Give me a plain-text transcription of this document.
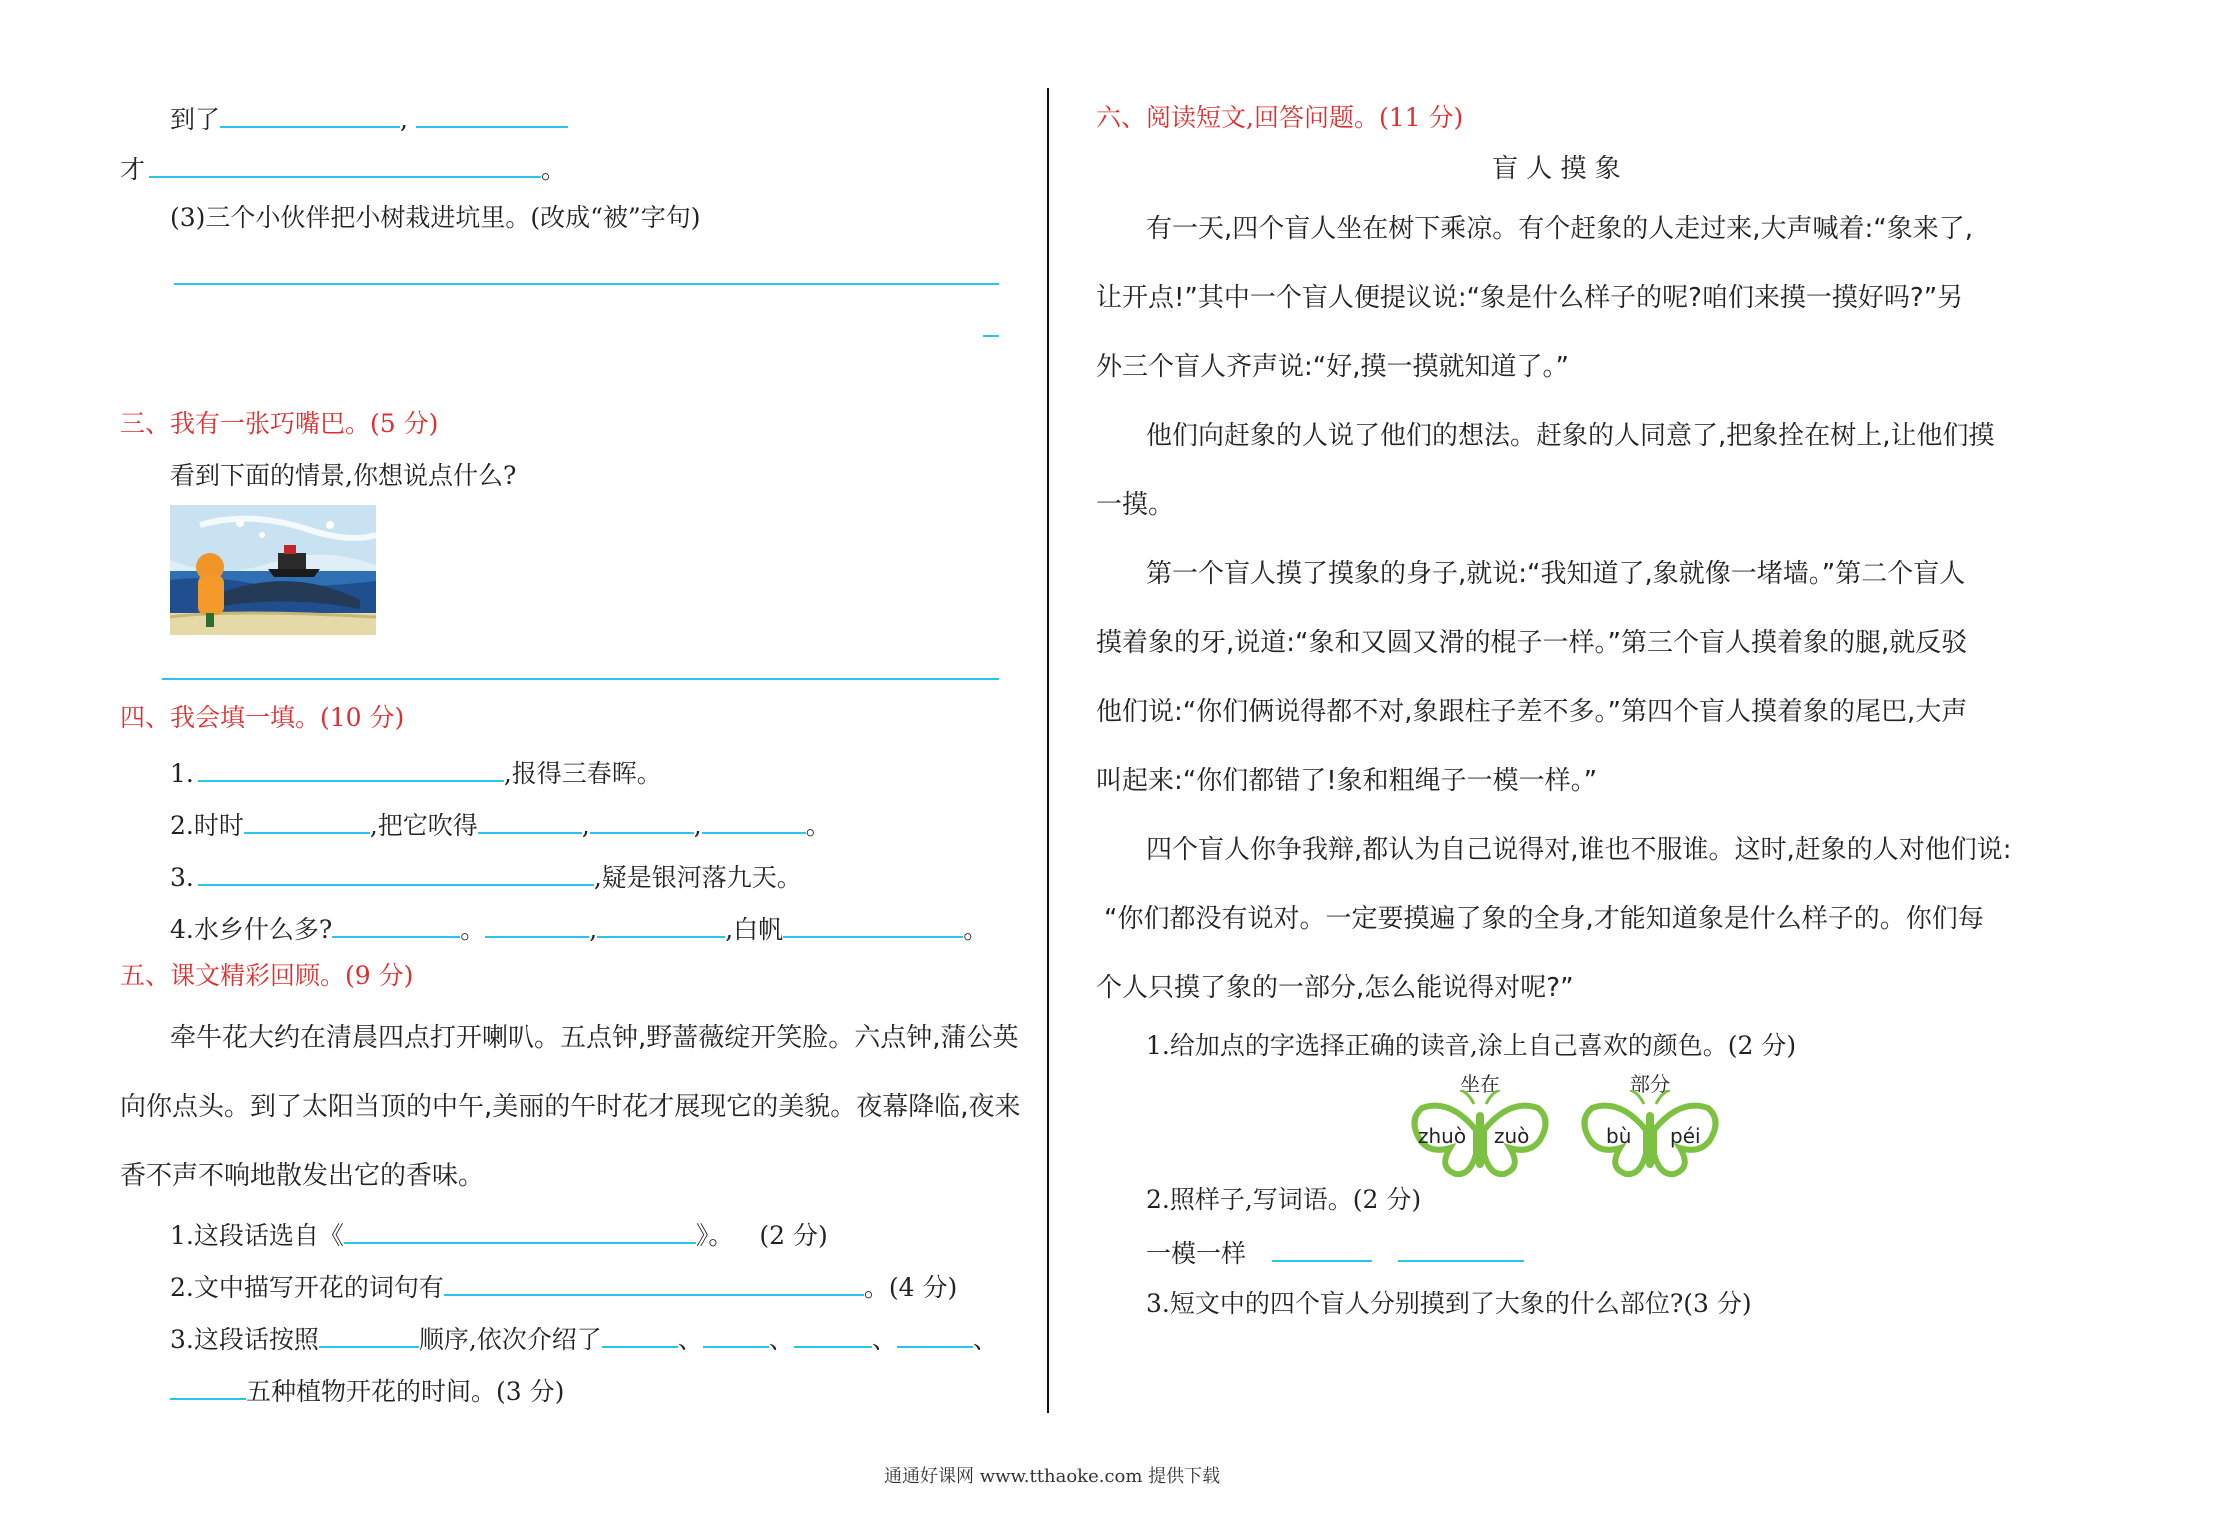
到了	,
才	。
(3)三个小伙伴把小树栽进坑里。(改成“被”字句)
三、我有一张巧嘴巴。(5 分)
看到下面的情景,你想说点什么?
四、我会填一填。(10 分)
1.	,报得三春晖。
2.时时	,把它吹得	,	,	。
3.	,疑是银河落九天。
4.水乡什么多?	。	,	,白帆	。
五、课文精彩回顾。(9 分)
牵牛花大约在清晨四点打开喇叭。五点钟,野蔷薇绽开笑脸。六点钟,蒲公英
向你点头。到了太阳当顶的中午,美丽的午时花才展现它的美貌。夜幕降临,夜来
香不声不响地散发出它的香味。
1.这段话选自《	》。 (2 分)
2.文中描写开花的词句有	。(4 分)
3.这段话按照	顺序,依次介绍了	、	、	、	、
五种植物开花的时间。(3 分)
六、阅读短文,回答问题。(11 分)
盲 人 摸 象
有一天,四个盲人坐在树下乘凉。有个赶象的人走过来,大声喊着:“象来了,
让开点!”其中一个盲人便提议说:“象是什么样子的呢?咱们来摸一摸好吗?”另
外三个盲人齐声说:“好,摸一摸就知道了。”
他们向赶象的人说了他们的想法。赶象的人同意了,把象拴在树上,让他们摸
一摸。
第一个盲人摸了摸象的身子,就说:“我知道了,象就像一堵墙。”第二个盲人
摸着象的牙,说道:“象和又圆又滑的棍子一样。”第三个盲人摸着象的腿,就反驳
他们说:“你们俩说得都不对,象跟柱子差不多。”第四个盲人摸着象的尾巴,大声
叫起来:“你们都错了!象和粗绳子一模一样。”
四个盲人你争我辩,都认为自己说得对,谁也不服谁。这时,赶象的人对他们说:
“你们都没有说对。一定要摸遍了象的全身,才能知道象是什么样子的。你们每
个人只摸了象的一部分,怎么能说得对呢?”
1.给加点的字选择正确的读音,涂上自己喜欢的颜色。(2 分)
坐在
zhuò zuò
部分
bù péi
2.照样子,写词语。(2 分)
一模一样
3.短文中的四个盲人分别摸到了大象的什么部位?(3 分)
通通好课网 www.tthaoke.com 提供下载
